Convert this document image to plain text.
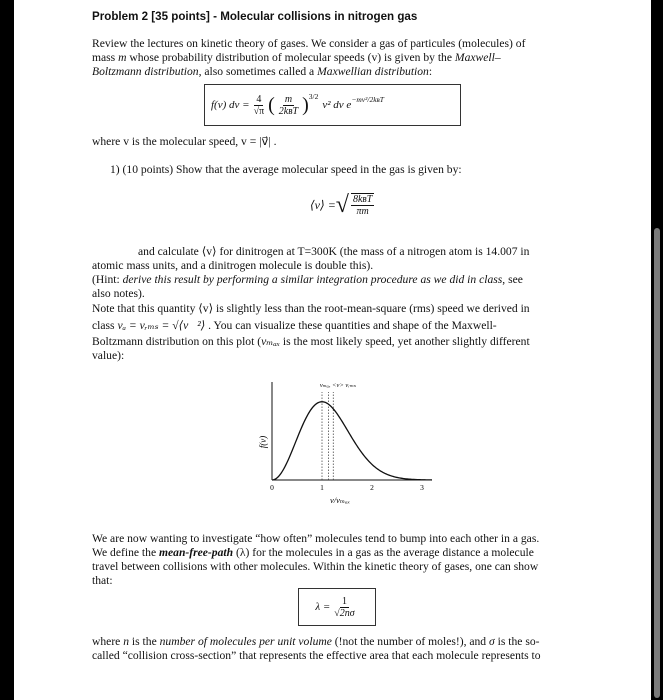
Problem 2 [35 points] - Molecular collisions in nitrogen gas
Review the lectures on kinetic theory of gases. We consider a gas of particules (molecules) of
mass m whose probability distribution of molecular speeds (v) is given by the Maxwell–
Boltzmann distribution, also sometimes called a Maxwellian distribution:
f(v) dv = $\frac{4}{√\pi}$ ( $\frac{m}{\text{2kʙT}} )^{3/2}$
v² dv $e^{-mv^2/2kʙT}$
where v is the molecular speed, v = |v⃗| .
1) (10 points) Show that the average molecular speed in the gas is given by:
⟨v⟩ = √ $\frac{\text{8kʙT}}{\pi m}$
and calculate ⟨v⟩ for dinitrogen at T=300K (the mass of a nitrogen atom is 14.007 in
atomic mass units, and a dinitrogen molecule is double this).
(Hint: derive this result by performing a similar integration procedure as we did in class, see
also notes).
Note that this quantity ⟨v⟩ is slightly less than the root-mean-square (rms) speed we derived in
class vₐ = vᵣₘₛ = √⟨v⃗²⟩ . You can visualize these quantities and shape of the Maxwell-
Boltzmann distribution on this plot (vₘₐₓ is the most likely speed, yet another slightly different
value):
0	1	2	3
f(v)
v/vₘₐₓ
vₘₐₓ <v> vᵣₘₛ
We are now wanting to investigate “how often” molecules tend to bump into each other in a gas.
We define the mean-free-path (λ) for the molecules in a gas as the average distance a molecule
travel between collisions with other molecules. Within the kinetic theory of gases, one can show
that:
$\lambda = \frac{1}{√2n\sigma}$
where n is the number of molecules per unit volume (!not the number of moles!), and σ is the so-
called “collision cross-section” that represents the effective area that each molecule represents to
